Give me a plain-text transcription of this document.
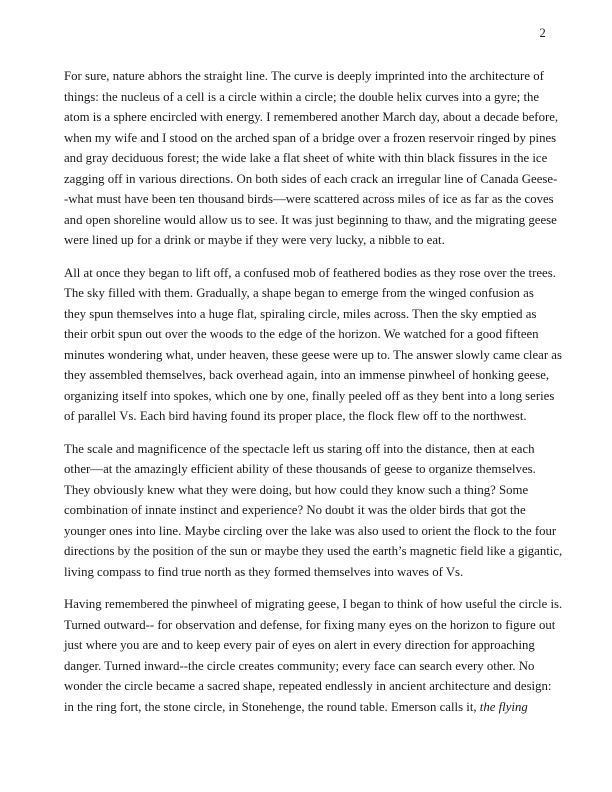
2

For sure, nature abhors the straight line. The curve is deeply imprinted into the architecture of
things: the nucleus of a cell is a circle within a circle; the double helix curves into a gyre; the
atom is a sphere encircled with energy. I remembered another March day, about a decade before,
when my wife and I stood on the arched span of a bridge over a frozen reservoir ringed by pines
and gray deciduous forest; the wide lake a flat sheet of white with thin black fissures in the ice
zagging off in various directions. On both sides of each crack an irregular line of Canada Geese-
-what must have been ten thousand birds—were scattered across miles of ice as far as the coves
and open shoreline would allow us to see. It was just beginning to thaw, and the migrating geese
were lined up for a drink or maybe if they were very lucky, a nibble to eat.

All at once they began to lift off, a confused mob of feathered bodies as they rose over the trees.
The sky filled with them. Gradually, a shape began to emerge from the winged confusion as
they spun themselves into a huge flat, spiraling circle, miles across. Then the sky emptied as
their orbit spun out over the woods to the edge of the horizon. We watched for a good fifteen
minutes wondering what, under heaven, these geese were up to. The answer slowly came clear as
they assembled themselves, back overhead again, into an immense pinwheel of honking geese,
organizing itself into spokes, which one by one, finally peeled off as they bent into a long series
of parallel Vs. Each bird having found its proper place, the flock flew off to the northwest.

The scale and magnificence of the spectacle left us staring off into the distance, then at each
other—at the amazingly efficient ability of these thousands of geese to organize themselves.
They obviously knew what they were doing, but how could they know such a thing? Some
combination of innate instinct and experience? No doubt it was the older birds that got the
younger ones into line. Maybe circling over the lake was also used to orient the flock to the four
directions by the position of the sun or maybe they used the earth’s magnetic field like a gigantic,
living compass to find true north as they formed themselves into waves of Vs.

Having remembered the pinwheel of migrating geese, I began to think of how useful the circle is.
Turned outward-- for observation and defense, for fixing many eyes on the horizon to figure out
just where you are and to keep every pair of eyes on alert in every direction for approaching
danger. Turned inward--the circle creates community; every face can search every other. No
wonder the circle became a sacred shape, repeated endlessly in ancient architecture and design:
in the ring fort, the stone circle, in Stonehenge, the round table. Emerson calls it, the flying
